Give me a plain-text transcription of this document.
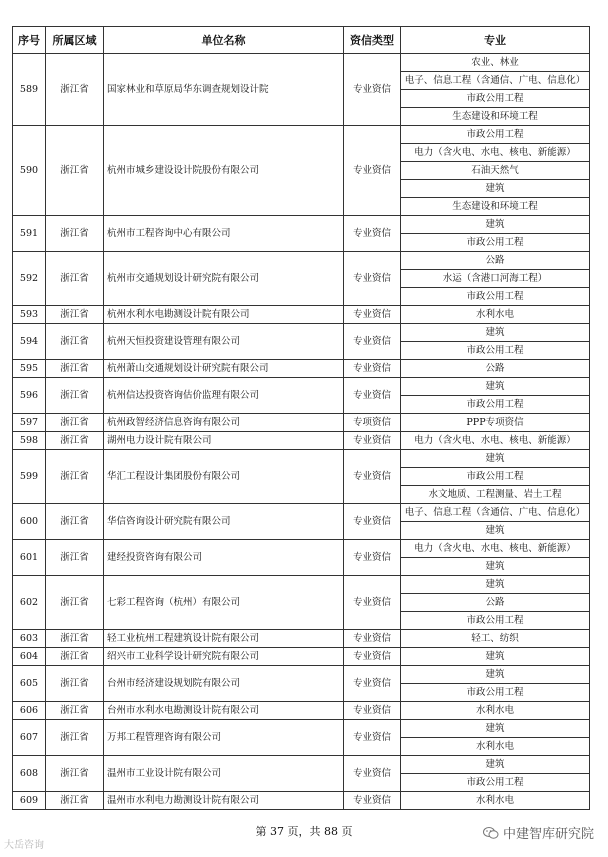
序号	所属区域	单位名称	资信类型	专业
589	浙江省	国家林业和草原局华东调查规划设计院	专业资信	农业、林业
				电子、信息工程（含通信、广电、信息化）
				市政公用工程
				生态建设和环境工程
590	浙江省	杭州市城乡建设设计院股份有限公司	专业资信	市政公用工程
				电力（含火电、水电、核电、新能源）
				石油天然气
				建筑
				生态建设和环境工程
591	浙江省	杭州市工程咨询中心有限公司	专业资信	建筑
				市政公用工程
592	浙江省	杭州市交通规划设计研究院有限公司	专业资信	公路
				水运（含港口河海工程）
				市政公用工程
593	浙江省	杭州水利水电勘测设计院有限公司	专业资信	水利水电
594	浙江省	杭州天恒投资建设管理有限公司	专业资信	建筑
				市政公用工程
595	浙江省	杭州萧山交通规划设计研究院有限公司	专业资信	公路
596	浙江省	杭州信达投资咨询估价监理有限公司	专业资信	建筑
				市政公用工程
597	浙江省	杭州政智经济信息咨询有限公司	专项资信	PPP专项资信
598	浙江省	湖州电力设计院有限公司	专业资信	电力（含火电、水电、核电、新能源）
599	浙江省	华汇工程设计集团股份有限公司	专业资信	建筑
				市政公用工程
				水文地质、工程测量、岩土工程
600	浙江省	华信咨询设计研究院有限公司	专业资信	电子、信息工程（含通信、广电、信息化）
				建筑
601	浙江省	建经投资咨询有限公司	专业资信	电力（含火电、水电、核电、新能源）
				建筑
602	浙江省	七彩工程咨询（杭州）有限公司	专业资信	建筑
				公路
				市政公用工程
603	浙江省	轻工业杭州工程建筑设计院有限公司	专业资信	轻工、纺织
604	浙江省	绍兴市工业科学设计研究院有限公司	专业资信	建筑
605	浙江省	台州市经济建设规划院有限公司	专业资信	建筑
				市政公用工程
606	浙江省	台州市水利水电勘测设计院有限公司	专业资信	水利水电
607	浙江省	万邦工程管理咨询有限公司	专业资信	建筑
				水利水电
608	浙江省	温州市工业设计院有限公司	专业资信	建筑
				市政公用工程
609	浙江省	温州市水利电力勘测设计院有限公司	专业资信	水利水电
第 37 页，共 88 页
大岳咨询
中建智库研究院
